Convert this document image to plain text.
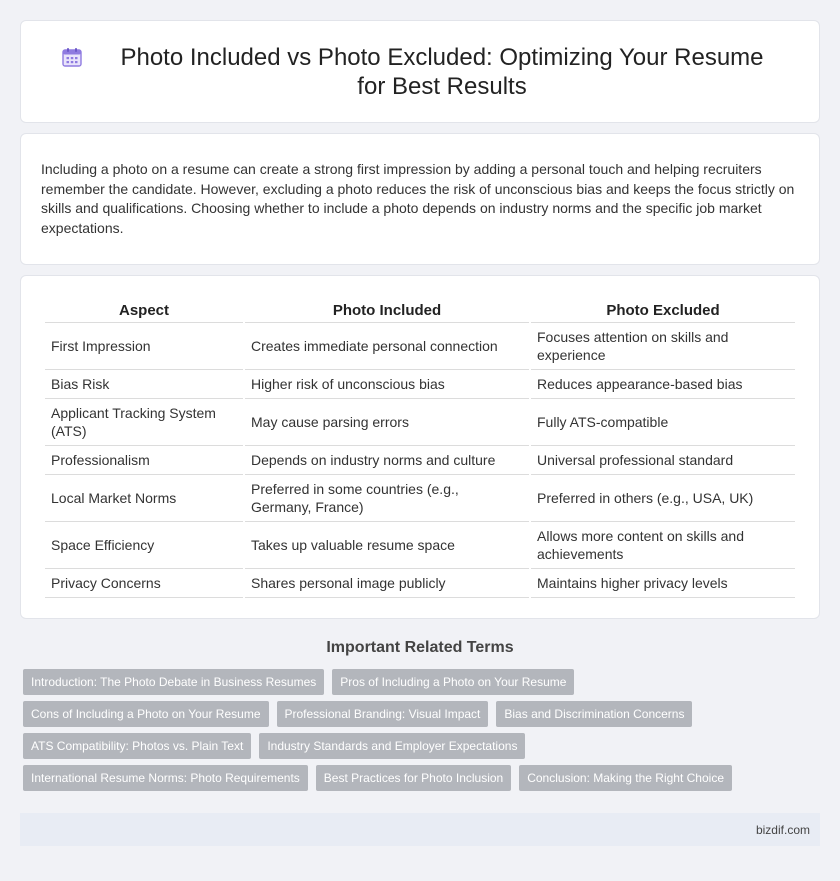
Photo Included vs Photo Excluded: Optimizing Your Resume for Best Results

Including a photo on a resume can create a strong first impression by adding a personal touch and helping recruiters remember the candidate. However, excluding a photo reduces the risk of unconscious bias and keeps the focus strictly on skills and qualifications. Choosing whether to include a photo depends on industry norms and the specific job market expectations.

Aspect	Photo Included	Photo Excluded
First Impression	Creates immediate personal connection	Focuses attention on skills and experience
Bias Risk	Higher risk of unconscious bias	Reduces appearance-based bias
Applicant Tracking System (ATS)	May cause parsing errors	Fully ATS-compatible
Professionalism	Depends on industry norms and culture	Universal professional standard
Local Market Norms	Preferred in some countries (e.g., Germany, France)	Preferred in others (e.g., USA, UK)
Space Efficiency	Takes up valuable resume space	Allows more content on skills and achievements
Privacy Concerns	Shares personal image publicly	Maintains higher privacy levels
Important Related Terms
Introduction: The Photo Debate in Business Resumes	Pros of Including a Photo on Your Resume
Cons of Including a Photo on Your Resume	Professional Branding: Visual Impact	Bias and Discrimination Concerns
ATS Compatibility: Photos vs. Plain Text	Industry Standards and Employer Expectations
International Resume Norms: Photo Requirements	Best Practices for Photo Inclusion	Conclusion: Making the Right Choice
bizdif.com
